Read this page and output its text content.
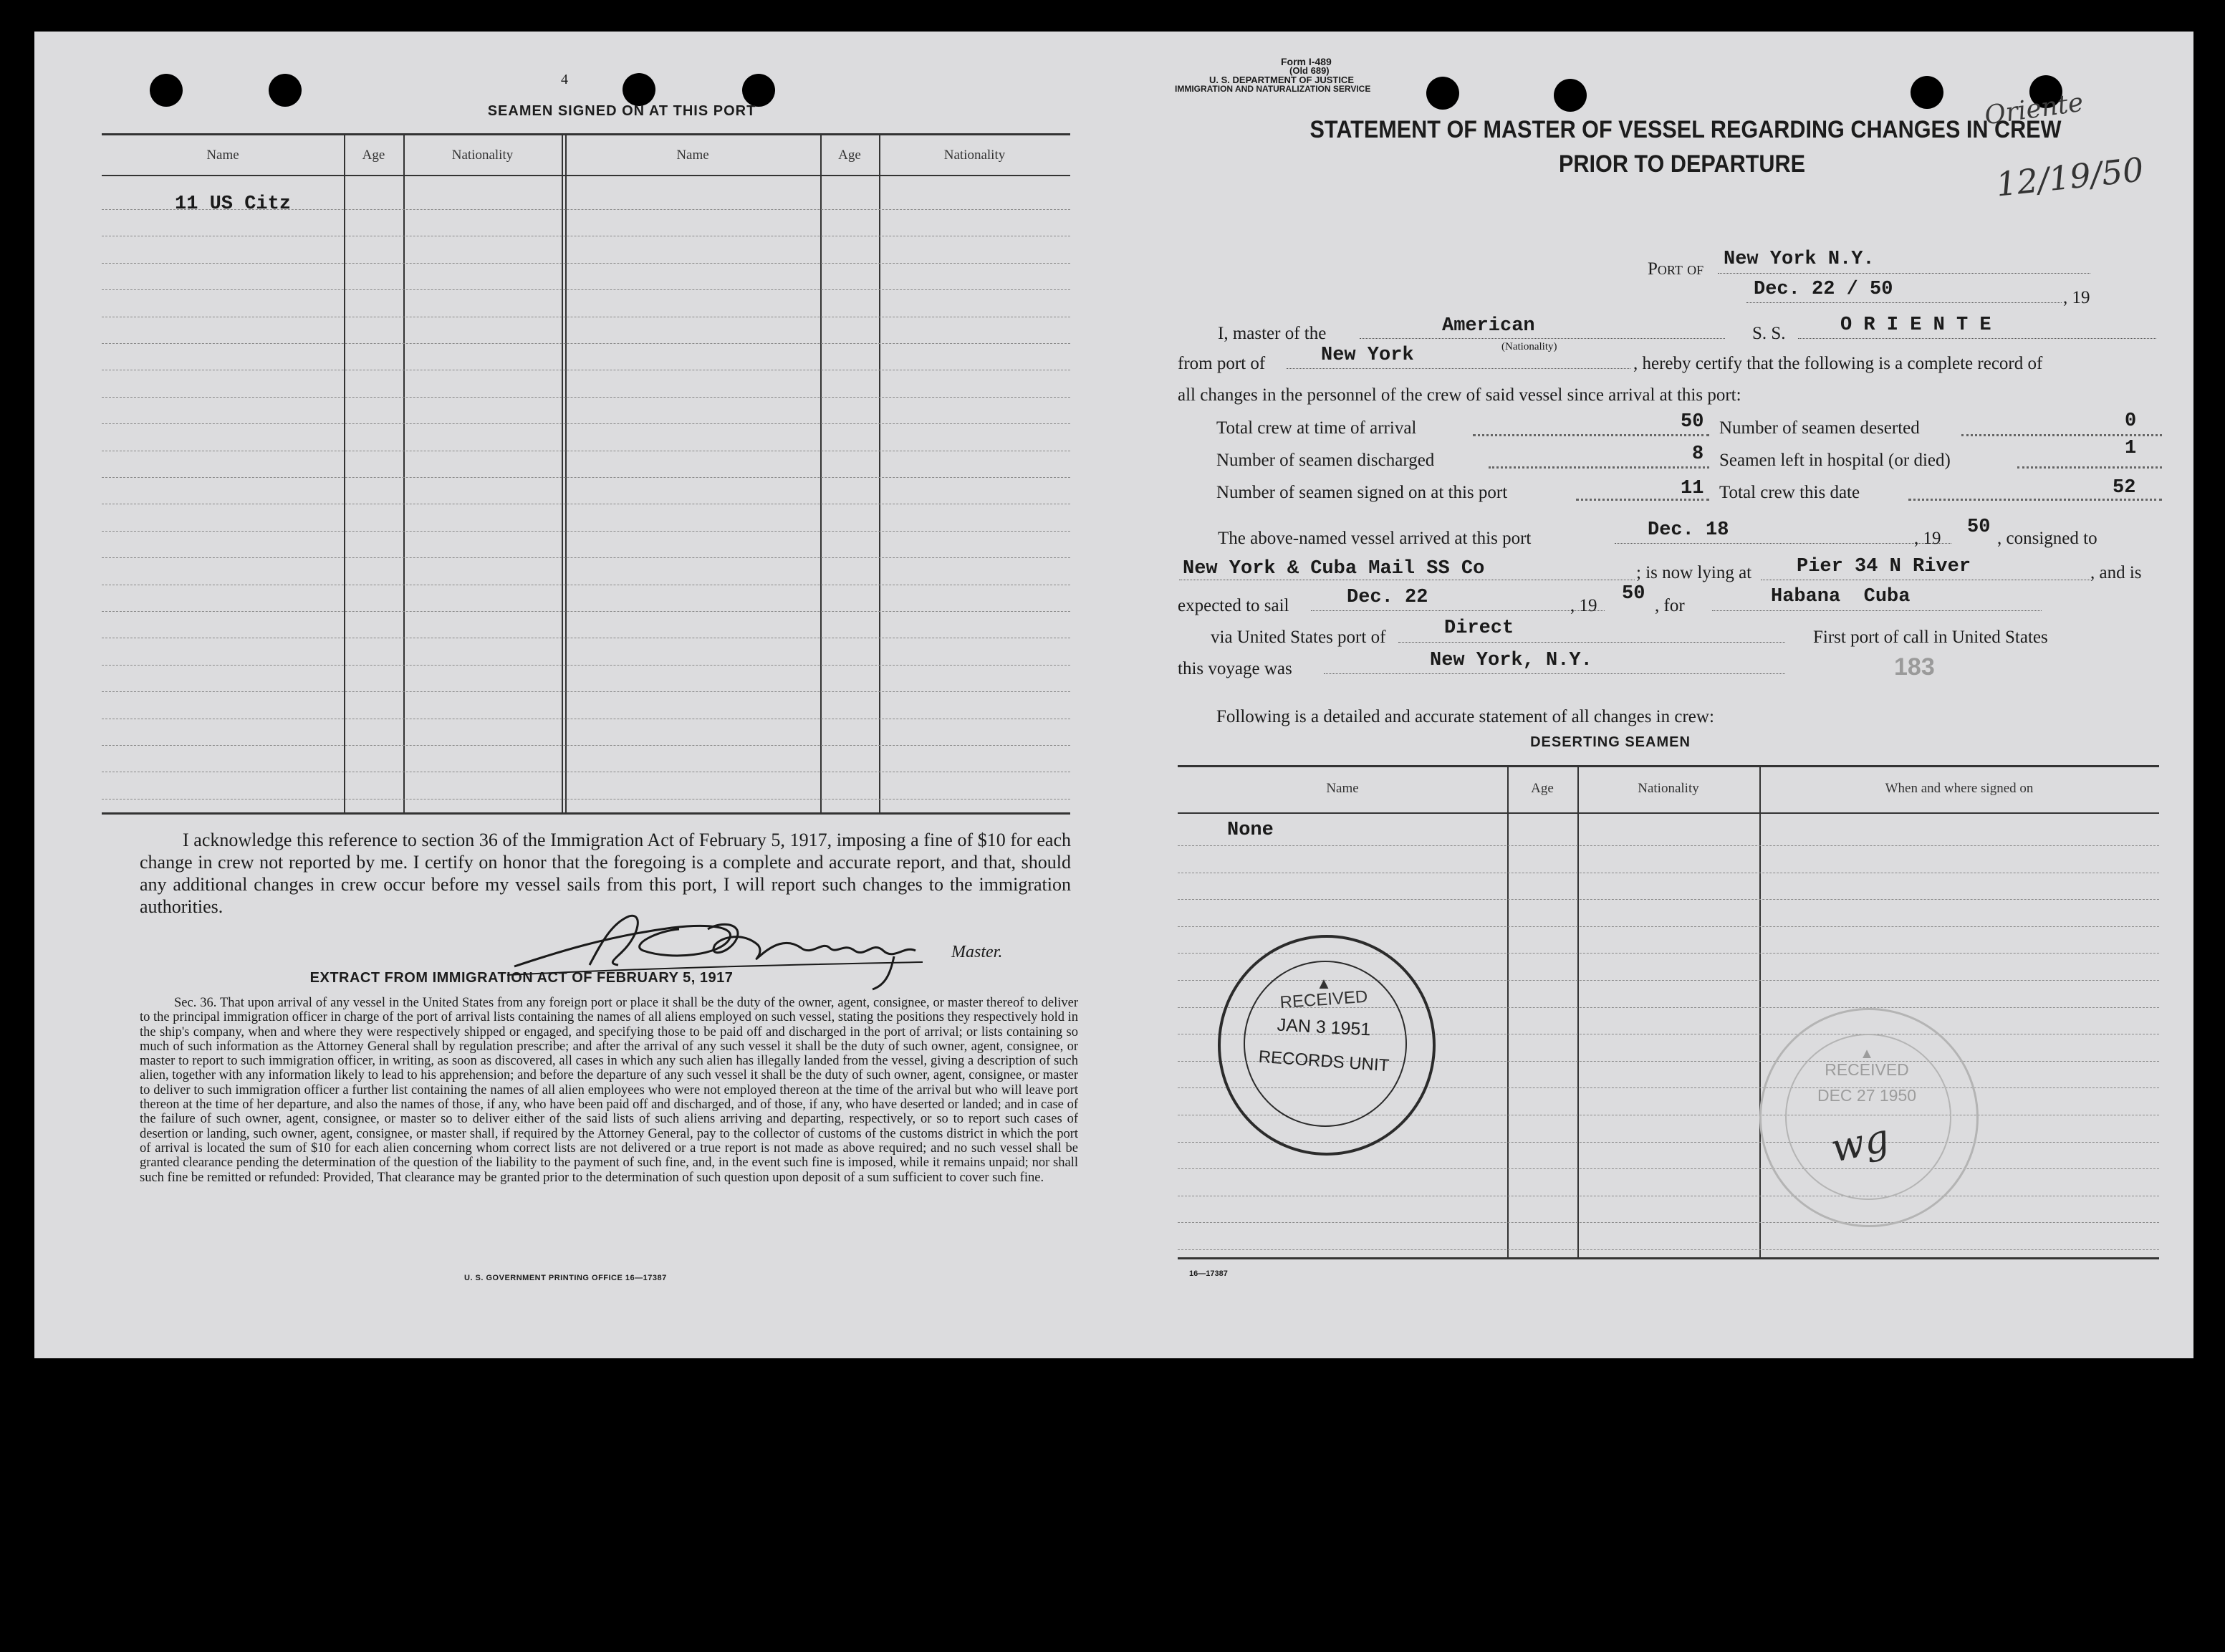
4
SEAMEN SIGNED ON AT THIS PORT
Name	Age	Nationality	Name	Age	Nationality
11 US Citz
I acknowledge this reference to section 36 of the Immigration Act of February 5, 1917, imposing a fine of $10 for each change in crew not reported by me. I certify on honor that the foregoing is a complete and accurate report, and that, should any additional changes in crew occur before my vessel sails from this port, I will report such changes to the immigration authorities.
Master.
EXTRACT FROM IMMIGRATION ACT OF FEBRUARY 5, 1917
Sec. 36. That upon arrival of any vessel in the United States from any foreign port or place it shall be the duty of the owner, agent, consignee, or master thereof to deliver to the principal immigration officer in charge of the port of arrival lists containing the names of all aliens employed on such vessel, stating the positions they respectively hold in the ship's company, when and where they were respectively shipped or engaged, and specifying those to be paid off and discharged in the port of arrival; or lists containing so much of such information as the Attorney General shall by regulation prescribe; and after the arrival of any such vessel it shall be the duty of such owner, agent, consignee, or master to report to such immigration officer, in writing, as soon as discovered, all cases in which any such alien has illegally landed from the vessel, giving a description of such alien, together with any information likely to lead to his apprehension; and before the departure of any such vessel it shall be the duty of such owner, agent, consignee, or master to deliver to such immigration officer a further list containing the names of all alien employees who were not employed thereon at the time of the arrival but who will leave port thereon at the time of her departure, and also the names of those, if any, who have been paid off and discharged, and of those, if any, who have deserted or landed; and in case of the failure of such owner, agent, consignee, or master so to deliver either of the said lists of such aliens arriving and departing, respectively, or so to report such cases of desertion or landing, such owner, agent, consignee, or master shall, if required by the Attorney General, pay to the collector of customs of the customs district in which the port of arrival is located the sum of $10 for each alien concerning whom correct lists are not delivered or a true report is not made as above required; and no such vessel shall be granted clearance pending the determination of the question of the liability to the payment of such fine, and, in the event such fine is imposed, while it remains unpaid; nor shall such fine be remitted or refunded: Provided, That clearance may be granted prior to the determination of such question upon deposit of a sum sufficient to cover such fine.
U. S. GOVERNMENT PRINTING OFFICE 16—17387
Form I-489
(Old 689)
U. S. DEPARTMENT OF JUSTICE
IMMIGRATION AND NATURALIZATION SERVICE
STATEMENT OF MASTER OF VESSEL REGARDING CHANGES IN CREW
PRIOR TO DEPARTURE
Oriente
12/19/50
Port of New York N.Y.
Dec. 22 / 50	, 19
I, master of the	American
(Nationality)
S. S.	O R I E N T E
from port of	New York	, hereby certify that the following is a complete record of
all changes in the personnel of the crew of said vessel since arrival at this port:
Total crew at time of arrival	50
Number of seamen discharged	8
Number of seamen signed on at this port	11
Number of seamen deserted	0
Seamen left in hospital (or died)
1
Total crew this date	52
The above-named vessel arrived at this port	Dec. 18	, 19
50
, consigned to
New York & Cuba Mail SS Co	; is now lying at Pier 34 N River	, and is
expected to sail	Dec. 22	, 19
50
, for	Habana  Cuba
via United States port of	Direct	First port of call in United States
this voyage was	New York, N.Y.	183
Following is a detailed and accurate statement of all changes in crew:
DESERTING SEAMEN
Name	Age	Nationality	When and where signed on
None
▲
RECEIVED
JAN 3 1951
RECORDS UNIT	▲
RECEIVED
DEC 27 1950
wg
16—17387
